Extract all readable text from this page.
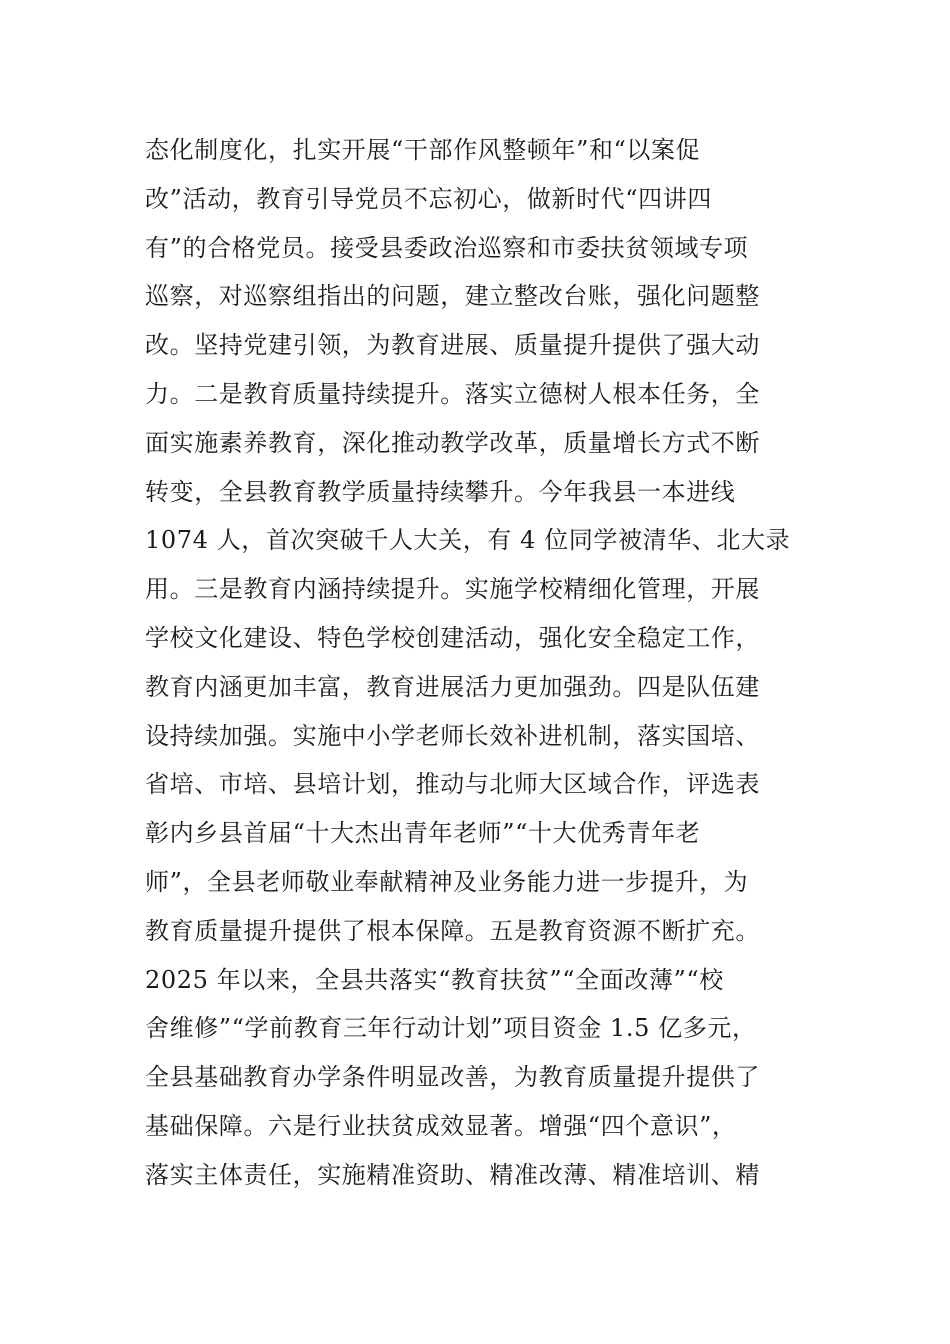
态化制度化，扎实开展“干部作风整顿年”和“以案促
改”活动，教育引导党员不忘初心，做新时代“四讲四
有”的合格党员。接受县委政治巡察和市委扶贫领域专项
巡察，对巡察组指出的问题，建立整改台账，强化问题整
改。坚持党建引领，为教育进展、质量提升提供了强大动
力。二是教育质量持续提升。落实立德树人根本任务，全
面实施素养教育，深化推动教学改革，质量增长方式不断
转变，全县教育教学质量持续攀升。今年我县一本进线
1074 人，首次突破千人大关，有 4 位同学被清华、北大录
用。三是教育内涵持续提升。实施学校精细化管理，开展
学校文化建设、特色学校创建活动，强化安全稳定工作，
教育内涵更加丰富，教育进展活力更加强劲。四是队伍建
设持续加强。实施中小学老师长效补进机制，落实国培、
省培、市培、县培计划，推动与北师大区域合作，评选表
彰内乡县首届“十大杰出青年老师”“十大优秀青年老
师”，全县老师敬业奉献精神及业务能力进一步提升，为
教育质量提升提供了根本保障。五是教育资源不断扩充。
2025 年以来，全县共落实“教育扶贫”“全面改薄”“校
舍维修”“学前教育三年行动计划”项目资金 1.5 亿多元，
全县基础教育办学条件明显改善，为教育质量提升提供了
基础保障。六是行业扶贫成效显著。增强“四个意识”，
落实主体责任，实施精准资助、精准改薄、精准培训、精
